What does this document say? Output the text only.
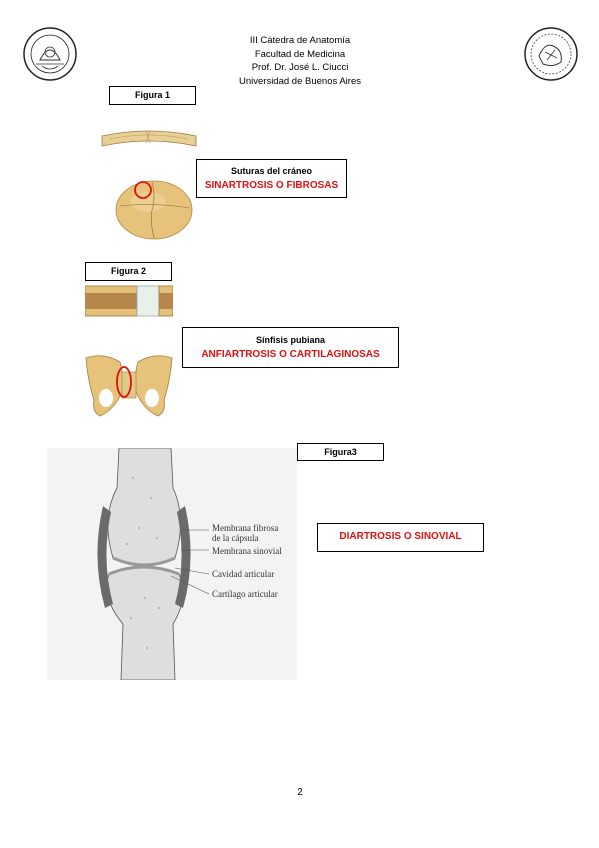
III Cátedra de Anatomía
Facultad de Medicina
Prof. Dr. José L. Ciucci
Universidad de Buenos Aires
Figura 1
Suturas del cráneo
SINARTROSIS O FIBROSAS
Figura 2
Sínfisis pubiana
ANFIARTROSIS O CARTILAGINOSAS
Figura3
Membrana fibrosa
de la cápsula
Membrana sinovial
Cavidad articular
Cartílago articular
DIARTROSIS O SINOVIAL
2
